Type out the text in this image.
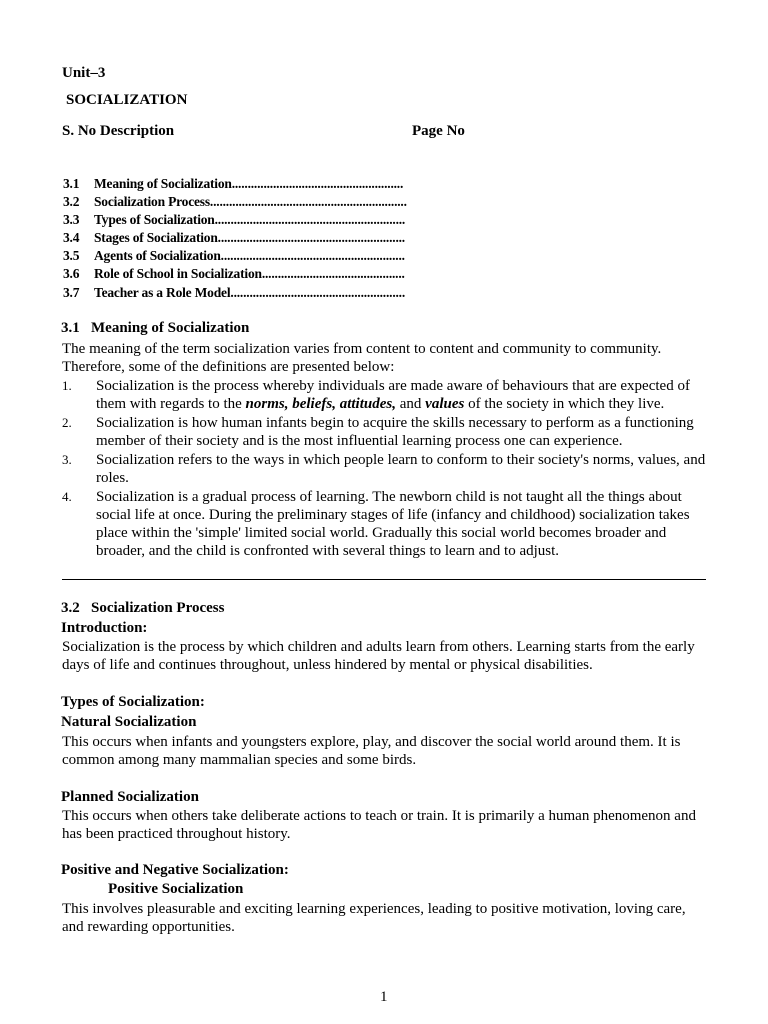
Unit–3
SOCIALIZATION
S. No Description	Page No
3.1 Meaning of Socialization......................................................
3.2 Socialization Process..............................................................
3.3 Types of Socialization............................................................
3.4 Stages of Socialization...........................................................
3.5 Agents of Socialization..........................................................
3.6 Role of School in Socialization.............................................
3.7 Teacher as a Role Model.......................................................
3.1 Meaning of Socialization
The meaning of the term socialization varies from content to content and community to community. Therefore, some of the definitions are presented below:
1. Socialization is the process whereby individuals are made aware of behaviours that are expected of them with regards to the norms, beliefs, attitudes, and values of the society in which they live.
2. Socialization is how human infants begin to acquire the skills necessary to perform as a functioning member of their society and is the most influential learning process one can experience.
3. Socialization refers to the ways in which people learn to conform to their society's norms, values, and roles.
4. Socialization is a gradual process of learning. The newborn child is not taught all the things about social life at once. During the preliminary stages of life (infancy and childhood) socialization takes place within the 'simple' limited social world. Gradually this social world becomes broader and broader, and the child is confronted with several things to learn and to adjust.
3.2 Socialization Process
Introduction:
Socialization is the process by which children and adults learn from others. Learning starts from the early days of life and continues throughout, unless hindered by mental or physical disabilities.
Types of Socialization:
Natural Socialization
This occurs when infants and youngsters explore, play, and discover the social world around them. It is common among many mammalian species and some birds.
Planned Socialization
This occurs when others take deliberate actions to teach or train. It is primarily a human phenomenon and has been practiced throughout history.
Positive and Negative Socialization:
Positive Socialization
This involves pleasurable and exciting learning experiences, leading to positive motivation, loving care, and rewarding opportunities.
1
